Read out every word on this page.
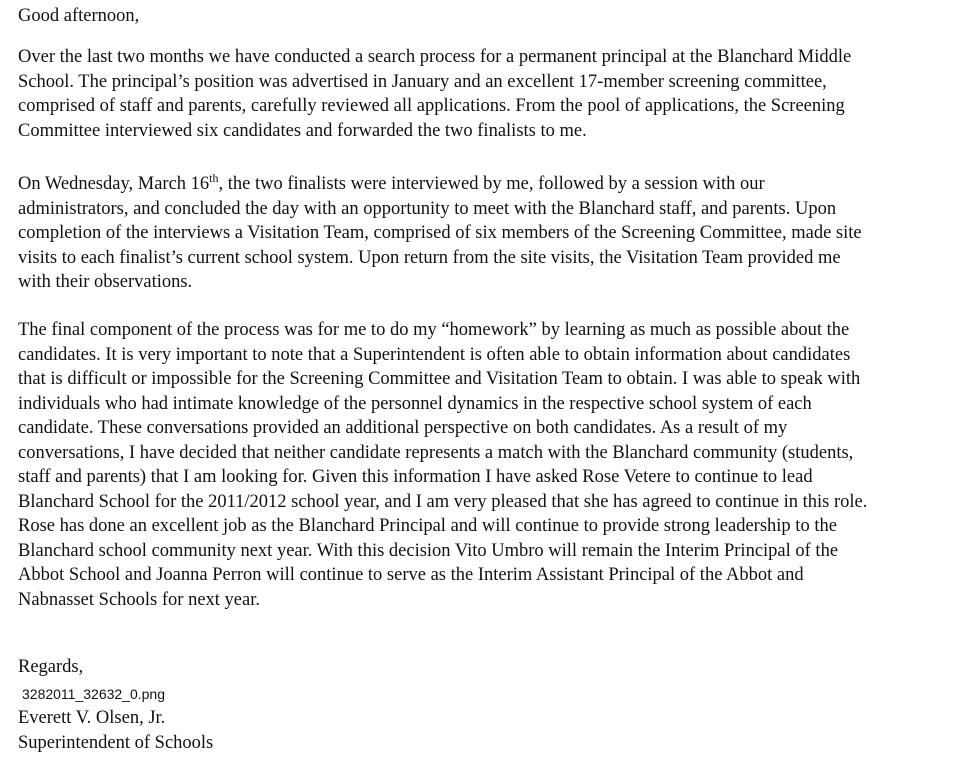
Good afternoon,
Over the last two months we have conducted a search process for a permanent principal at the Blanchard Middle
School. The principal’s position was advertised in January and an excellent 17-member screening committee,
comprised of staff and parents, carefully reviewed all applications. From the pool of applications, the Screening
Committee interviewed six candidates and forwarded the two finalists to me.
On Wednesday, March 16th, the two finalists were interviewed by me, followed by a session with our
administrators, and concluded the day with an opportunity to meet with the Blanchard staff, and parents. Upon
completion of the interviews a Visitation Team, comprised of six members of the Screening Committee, made site
visits to each finalist’s current school system. Upon return from the site visits, the Visitation Team provided me
with their observations.
The final component of the process was for me to do my “homework” by learning as much as possible about the
candidates. It is very important to note that a Superintendent is often able to obtain information about candidates
that is difficult or impossible for the Screening Committee and Visitation Team to obtain. I was able to speak with
individuals who had intimate knowledge of the personnel dynamics in the respective school system of each
candidate. These conversations provided an additional perspective on both candidates. As a result of my
conversations, I have decided that neither candidate represents a match with the Blanchard community (students,
staff and parents) that I am looking for. Given this information I have asked Rose Vetere to continue to lead
Blanchard School for the 2011/2012 school year, and I am very pleased that she has agreed to continue in this role.
Rose has done an excellent job as the Blanchard Principal and will continue to provide strong leadership to the
Blanchard school community next year. With this decision Vito Umbro will remain the Interim Principal of the
Abbot School and Joanna Perron will continue to serve as the Interim Assistant Principal of the Abbot and
Nabnasset Schools for next year.
Regards,
3282011_32632_0.png
Everett V. Olsen, Jr.
Superintendent of Schools
